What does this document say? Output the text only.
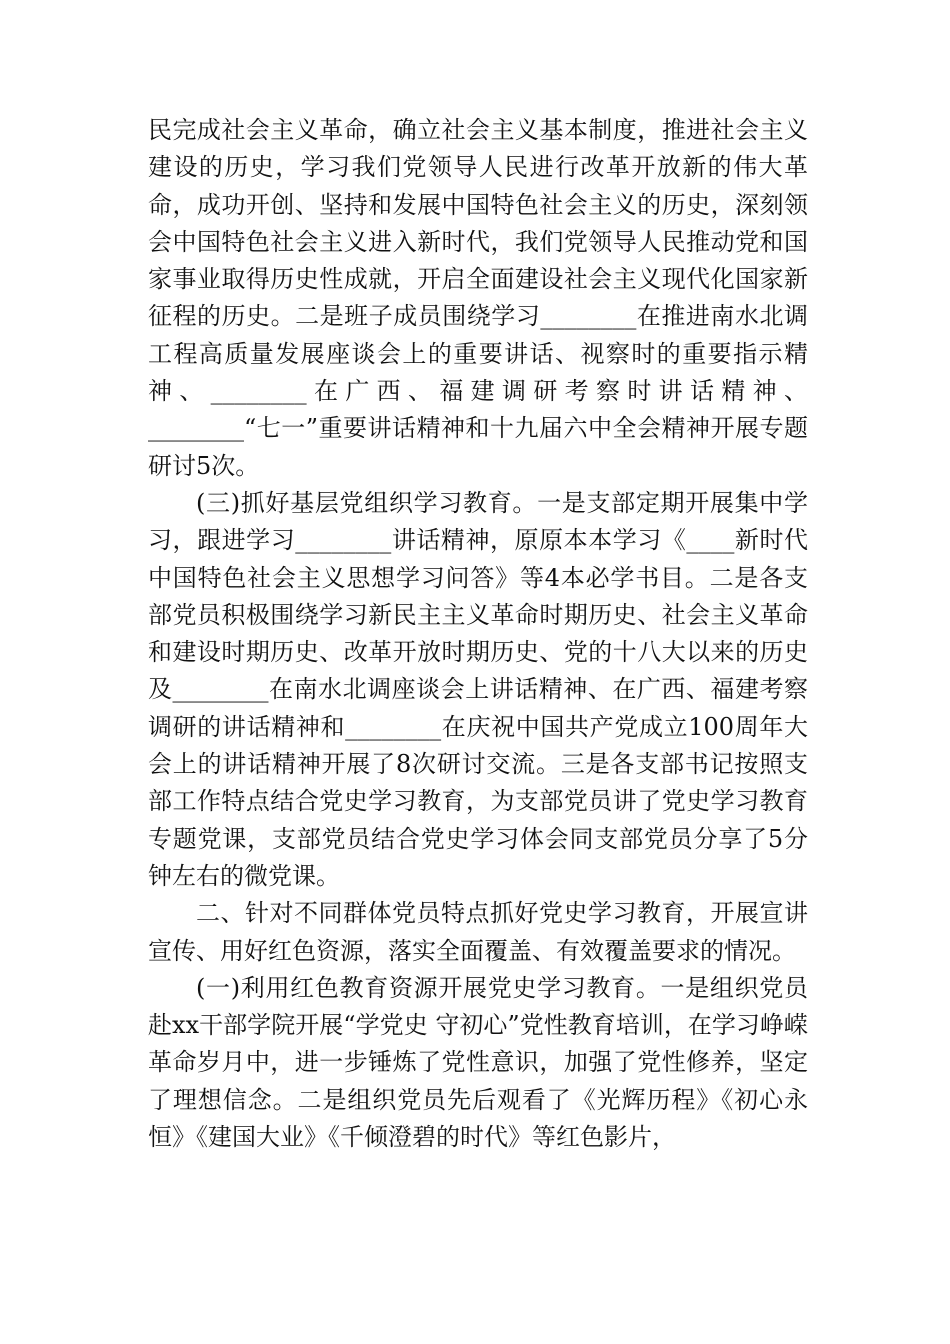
民完成社会主义革命，确立社会主义基本制度，推进社会主义建设的历史，学习我们党领导人民进行改革开放新的伟大革命，成功开创、坚持和发展中国特色社会主义的历史，深刻领会中国特色社会主义进入新时代，我们党领导人民推动党和国家事业取得历史性成就，开启全面建设社会主义现代化国家新征程的历史。二是班子成员围绕学习________在推进南水北调工程高质量发展座谈会上的重要讲话、视察时的重要指示精神、________在广西、福建调研考察时讲话精神、________“七一”重要讲话精神和十九届六中全会精神开展专题研讨5次。

(三)抓好基层党组织学习教育。一是支部定期开展集中学习，跟进学习________讲话精神，原原本本学习《____新时代中国特色社会主义思想学习问答》等4本必学书目。二是各支部党员积极围绕学习新民主主义革命时期历史、社会主义革命和建设时期历史、改革开放时期历史、党的十八大以来的历史及________在南水北调座谈会上讲话精神、在广西、福建考察调研的讲话精神和________在庆祝中国共产党成立100周年大会上的讲话精神开展了8次研讨交流。三是各支部书记按照支部工作特点结合党史学习教育，为支部党员讲了党史学习教育专题党课，支部党员结合党史学习体会同支部党员分享了5分钟左右的微党课。

二、针对不同群体党员特点抓好党史学习教育，开展宣讲宣传、用好红色资源，落实全面覆盖、有效覆盖要求的情况。

(一)利用红色教育资源开展党史学习教育。一是组织党员赴xx干部学院开展“学党史 守初心”党性教育培训，在学习峥嵘革命岁月中，进一步锤炼了党性意识，加强了党性修养，坚定了理想信念。二是组织党员先后观看了《光辉历程》《初心永恒》《建国大业》《千倾澄碧的时代》等红色影片，
